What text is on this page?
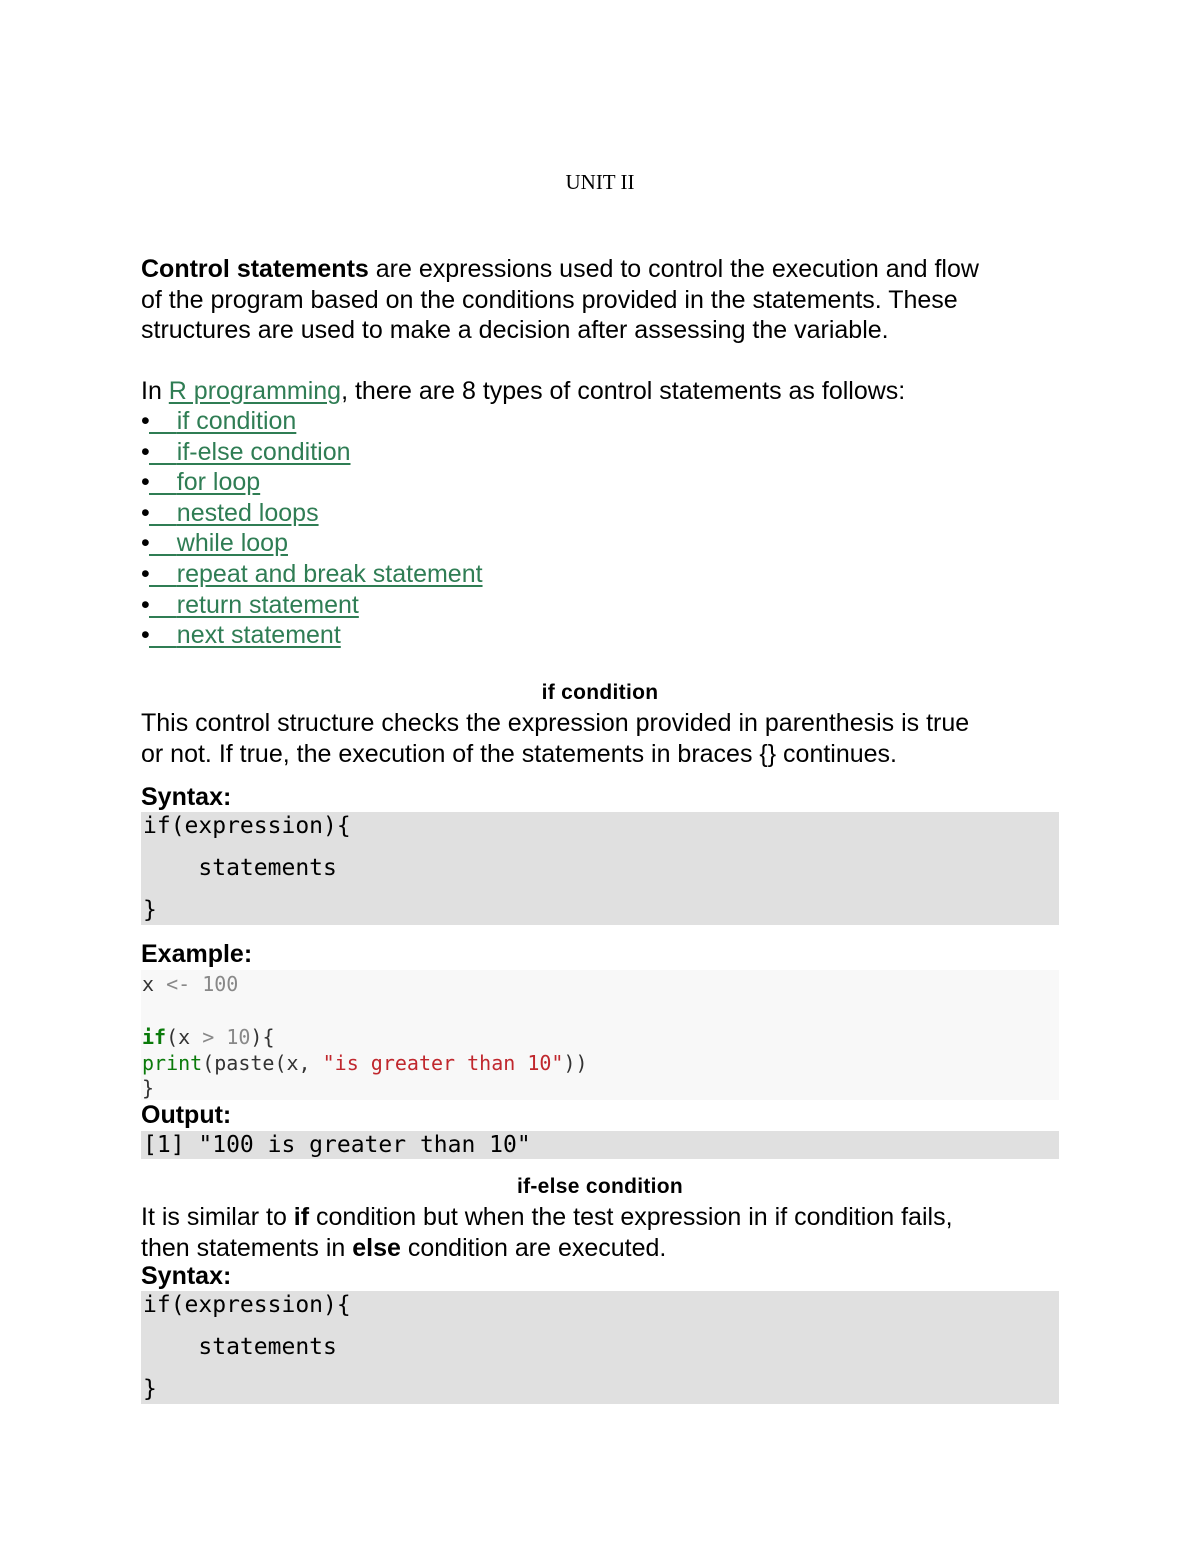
UNIT II
Control statements are expressions used to control the execution and flow
of the program based on the conditions provided in the statements. These
structures are used to make a decision after assessing the variable.
In R programming, there are 8 types of control statements as follows:
• if condition
• if-else condition
• for loop
• nested loops
• while loop
• repeat and break statement
• return statement
• next statement
if condition
This control structure checks the expression provided in parenthesis is true
or not. If true, the execution of the statements in braces {} continues.
Syntax:
if(expression){
statements
}
Example:
x <- 100
if(x > 10){
print(paste(x, "is greater than 10"))
}
Output:
[1] "100 is greater than 10"
if-else condition
It is similar to if condition but when the test expression in if condition fails,
then statements in else condition are executed.
Syntax:
if(expression){
statements
}
